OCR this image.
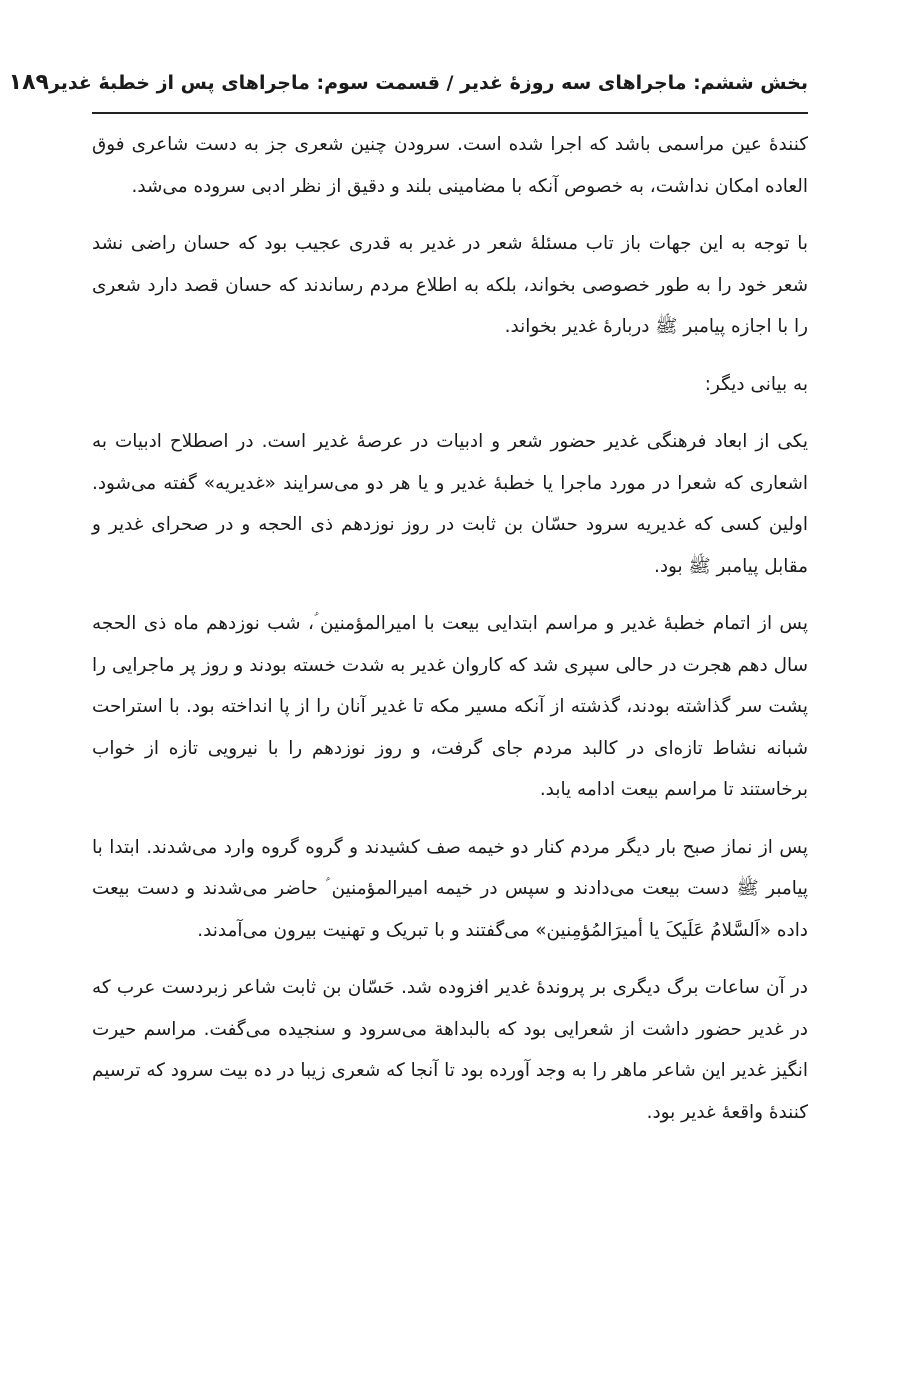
بخش ششم: ماجراهای سه روزهٔ غدیر / قسمت سوم: ماجراهای پس از خطبهٔ غدیر
۱۸۹

کنندهٔ عین مراسمی باشد که اجرا شده است. سرودن چنین شعری جز به دست شاعری فوق العاده امکان نداشت، به خصوص آنکه با مضامینی بلند و دقیق از نظر ادبی سروده می‌شد.

با توجه به این جهات باز تاب مسئلهٔ شعر در غدیر به قدری عجیب بود که حسان راضی نشد شعر خود را به طور خصوصی بخواند، بلکه به اطلاع مردم رساندند که حسان قصد دارد شعری را با اجازه پیامبر ﷺ دربارهٔ غدیر بخواند.

به بیانی دیگر:

یکی از ابعاد فرهنگی غدیر حضور شعر و ادبیات در عرصهٔ غدیر است. در اصطلاح ادبیات به اشعاری که شعرا در مورد ماجرا یا خطبهٔ غدیر و یا هر دو می‌سرایند «غدیریه» گفته می‌شود. اولین کسی که غدیریه سرود حسّان بن ثابت در روز نوزدهم ذی الحجه و در صحرای غدیر و مقابل پیامبر ﷺ بود.

پس از اتمام خطبهٔ غدیر و مراسم ابتدایی بیعت با امیرالمؤمنین ؑ، شب نوزدهم ماه ذی الحجه سال دهم هجرت در حالی سپری شد که کاروان غدیر به شدت خسته بودند و روز پر ماجرایی را پشت سر گذاشته بودند، گذشته از آنکه مسیر مکه تا غدیر آنان را از پا انداخته بود. با استراحت شبانه نشاط تازه‌ای در کالبد مردم جای گرفت، و روز نوزدهم را با نیرویی تازه از خواب برخاستند تا مراسم بیعت ادامه یابد.

پس از نماز صبح بار دیگر مردم کنار دو خیمه صف کشیدند و گروه گروه وارد می‌شدند. ابتدا با پیامبر ﷺ دست بیعت می‌دادند و سپس در خیمه امیرالمؤمنین ؑ حاضر می‌شدند و دست بیعت داده «اَلسَّلامُ عَلَیکَ یا أمیرَالمُؤمِنین» می‌گفتند و با تبریک و تهنیت بیرون می‌آمدند.

در آن ساعات برگ دیگری بر پروندهٔ غدیر افزوده شد. حَسّان بن ثابت شاعر زبردست عرب که در غدیر حضور داشت از شعرایی بود که بالبداهة می‌سرود و سنجیده می‌گفت. مراسم حیرت انگیز غدیر این شاعر ماهر را به وجد آورده بود تا آنجا که شعری زیبا در ده بیت سرود که ترسیم کنندهٔ واقعهٔ غدیر بود.
